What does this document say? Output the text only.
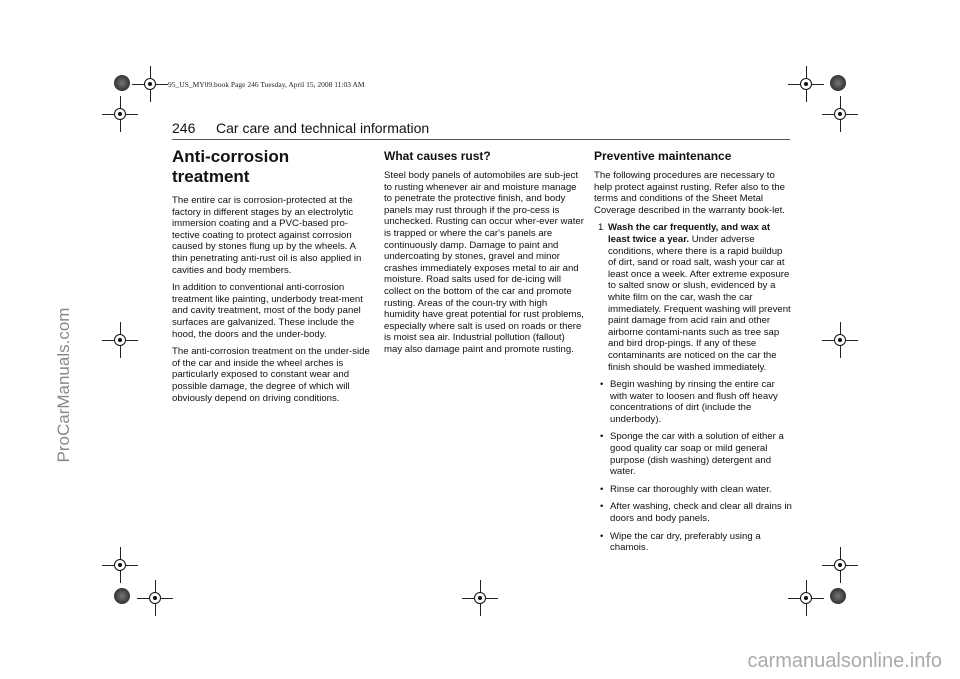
95_US_MY09.book Page 246 Tuesday, April 15, 2008 11:03 AM
246 Car care and technical information
Anti-corrosion
treatment

The entire car is corrosion-protected at the factory in different stages by an electrolytic immersion coating and a PVC-based pro-tective coating to protect against corrosion caused by stones flung up by the wheels. A thin penetrating anti-rust oil is also applied in cavities and body members.

In addition to conventional anti-corrosion treatment like painting, underbody treat-ment and cavity treatment, most of the body panel surfaces are galvanized. These include the hood, the doors and the under-body.

The anti-corrosion treatment on the under-side of the car and inside the wheel arches is particularly exposed to constant wear and possible damage, the degree of which will obviously depend on driving conditions.

What causes rust?

Steel body panels of automobiles are sub-ject to rusting whenever air and moisture manage to penetrate the protective finish, and body panels may rust through if the pro-cess is unchecked. Rusting can occur wher-ever water is trapped or where the car's panels are continuously damp. Damage to paint and undercoating by stones, gravel and minor crashes immediately exposes metal to air and moisture. Road salts used for de-icing will collect on the bottom of the car and promote rusting. Areas of the coun-try with high humidity have great potential for rust problems, especially where salt is used on roads or there is moist sea air. Industrial pollution (fallout) may also damage paint and promote rusting.

Preventive maintenance

The following procedures are necessary to help protect against rusting. Refer also to the terms and conditions of the Sheet Metal Coverage described in the warranty book-let.

1 Wash the car frequently, and wax at least twice a year. Under adverse conditions, where there is a rapid buildup of dirt, sand or road salt, wash your car at least once a week. After extreme exposure to salted snow or slush, evidenced by a white film on the car, wash the car immediately. Frequent washing will prevent paint damage from acid rain and other airborne contami-nants such as tree sap and bird drop-pings. If any of these contaminants are noticed on the car the finish should be washed immediately.
• Begin washing by rinsing the entire car with water to loosen and flush off heavy concentrations of dirt (include the underbody).
• Sponge the car with a solution of either a good quality car soap or mild general purpose (dish washing) detergent and water.
• Rinse car thoroughly with clean water.
• After washing, check and clear all drains in doors and body panels.
• Wipe the car dry, preferably using a chamois.
ProCarManuals.com
carmanualsonline.info
